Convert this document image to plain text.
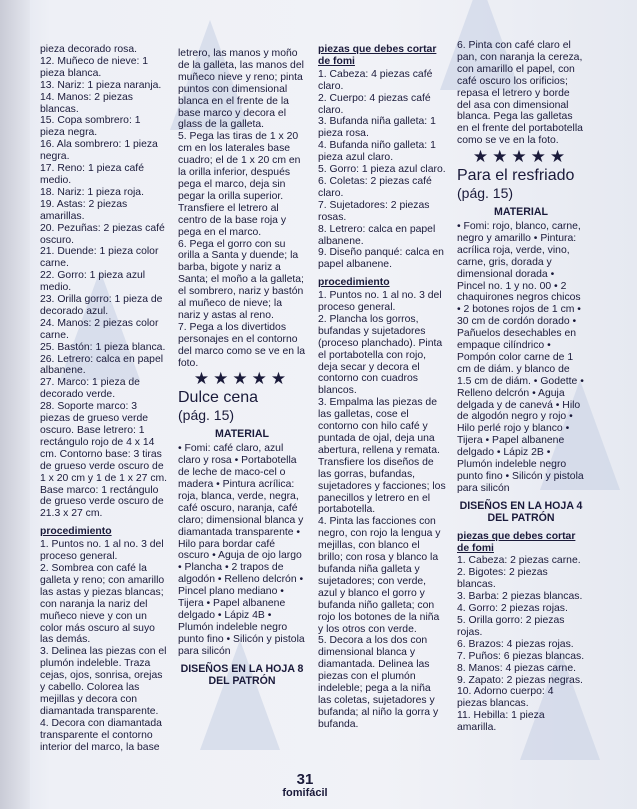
pieza decorado rosa.

12. Muñeco de nieve: 1 pieza blanca.

13. Nariz: 1 pieza naranja.

14. Manos: 2 piezas blancas.

15. Copa sombrero: 1 pieza negra.

16. Ala sombrero: 1 pieza negra.

17. Reno: 1 pieza café medio.

18. Nariz: 1 pieza roja.

19. Astas: 2 piezas amarillas.

20. Pezuñas: 2 piezas café oscuro.

21. Duende: 1 pieza color carne.

22. Gorro: 1 pieza azul medio.

23. Orilla gorro: 1 pieza de decorado azul.

24. Manos: 2 piezas color carne.

25. Bastón: 1 pieza blanca.

26. Letrero: calca en papel albanene.

27. Marco: 1 pieza de decorado verde.

28. Soporte marco: 3 piezas de grueso verde oscuro. Base letrero: 1 rectángulo rojo de 4 x 14 cm. Contorno base: 3 tiras de grueso verde oscuro de 1 x 20 cm y 1 de 1 x 27 cm. Base marco: 1 rectángulo de grueso verde oscuro de 21.3 x 27 cm.

procedimiento

1. Puntos no. 1 al no. 3 del proceso general.

2. Sombrea con café la galleta y reno; con amarillo las astas y piezas blancas; con naranja la nariz del muñeco nieve y con un color más oscuro al suyo las demás.

3. Delinea las piezas con el plumón indeleble. Traza cejas, ojos, sonrisa, orejas y cabello. Colorea las mejillas y decora con diamantada transparente.

4. Decora con diamantada transparente el contorno interior del marco, la base

letrero, las manos y moño de la galleta, las manos del muñeco nieve y reno; pinta puntos con dimensional blanca en el frente de la base marco y decora el glass de la galleta.

5. Pega las tiras de 1 x 20 cm en los laterales base cuadro; el de 1 x 20 cm en la orilla inferior, después pega el marco, deja sin pegar la orilla superior. Transfiere el letrero al centro de la base roja y pega en el marco.

6. Pega el gorro con su orilla a Santa y duende; la barba, bigote y nariz a Santa; el moño a la galleta; el sombrero, nariz y bastón al muñeco de nieve; la nariz y astas al reno.

7. Pega a los divertidos personajes en el contorno del marco como se ve en la foto.

★★★★★
Dulce cena
(pág. 15)
MATERIAL

• Fomi: café claro, azul claro y rosa • Portabotella de leche de maco-cel o madera • Pintura acrílica: roja, blanca, verde, negra, café oscuro, naranja, café claro; dimensional blanca y diamantada transparente • Hilo para bordar café oscuro • Aguja de ojo largo • Plancha • 2 trapos de algodón • Relleno delcrón • Pincel plano mediano • Tijera • Papel albanene delgado • Lápiz 4B • Plumón indeleble negro punto fino • Silicón y pistola para silicón

DISEÑOS EN LA HOJA 8 DEL PATRÓN
piezas que debes cortar de fomi

1. Cabeza: 4 piezas café claro.

2. Cuerpo: 4 piezas café claro.

3. Bufanda niña galleta: 1 pieza rosa.

4. Bufanda niño galleta: 1 pieza azul claro.

5. Gorro: 1 pieza azul claro.

6. Coletas: 2 piezas café claro.

7. Sujetadores: 2 piezas rosas.

8. Letrero: calca en papel albanene.

9. Diseño panqué: calca en papel albanene.

procedimiento

1. Puntos no. 1 al no. 3 del proceso general.

2. Plancha los gorros, bufandas y sujetadores (proceso planchado). Pinta el portabotella con rojo, deja secar y decora el contorno con cuadros blancos.

3. Empalma las piezas de las galletas, cose el contorno con hilo café y puntada de ojal, deja una abertura, rellena y remata. Transfiere los diseños de las gorras, bufandas, sujetadores y facciones; los panecillos y letrero en el portabotella.

4. Pinta las facciones con negro, con rojo la lengua y mejillas, con blanco el brillo; con rosa y blanco la bufanda niña galleta y sujetadores; con verde, azul y blanco el gorro y bufanda niño galleta; con rojo los botones de la niña y los otros con verde.

5. Decora a los dos con dimensional blanca y diamantada. Delinea las piezas con el plumón indeleble; pega a la niña las coletas, sujetadores y bufanda; al niño la gorra y bufanda.

6. Pinta con café claro el pan, con naranja la cereza, con amarillo el papel, con café oscuro los orificios; repasa el letrero y borde del asa con dimensional blanca. Pega las galletas en el frente del portabotella como se ve en la foto.

★★★★★
Para el resfriado
(pág. 15)
MATERIAL

• Fomi: rojo, blanco, carne, negro y amarillo • Pintura: acrílica roja, verde, vino, carne, gris, dorada y dimensional dorada • Pincel no. 1 y no. 00 • 2 chaquirones negros chicos • 2 botones rojos de 1 cm • 30 cm de cordón dorado • Pañuelos desechables en empaque cilíndrico • Pompón color carne de 1 cm de diám. y blanco de 1.5 cm de diám. • Godette • Relleno delcrón • Aguja delgada y de canevá • Hilo de algodón negro y rojo • Hilo perlé rojo y blanco • Tijera • Papel albanene delgado • Lápiz 2B • Plumón indeleble negro punto fino • Silicón y pistola para silicón

DISEÑOS EN LA HOJA 4 DEL PATRÓN
piezas que debes cortar de fomi

1. Cabeza: 2 piezas carne.

2. Bigotes: 2 piezas blancas.

3. Barba: 2 piezas blancas.

4. Gorro: 2 piezas rojas.

5. Orilla gorro: 2 piezas rojas.

6. Brazos: 4 piezas rojas.

7. Puños: 6 piezas blancas.

8. Manos: 4 piezas carne.

9. Zapato: 2 piezas negras.

10. Adorno cuerpo: 4 piezas blancas.

11. Hebilla: 1 pieza amarilla.

31
fomifácil
